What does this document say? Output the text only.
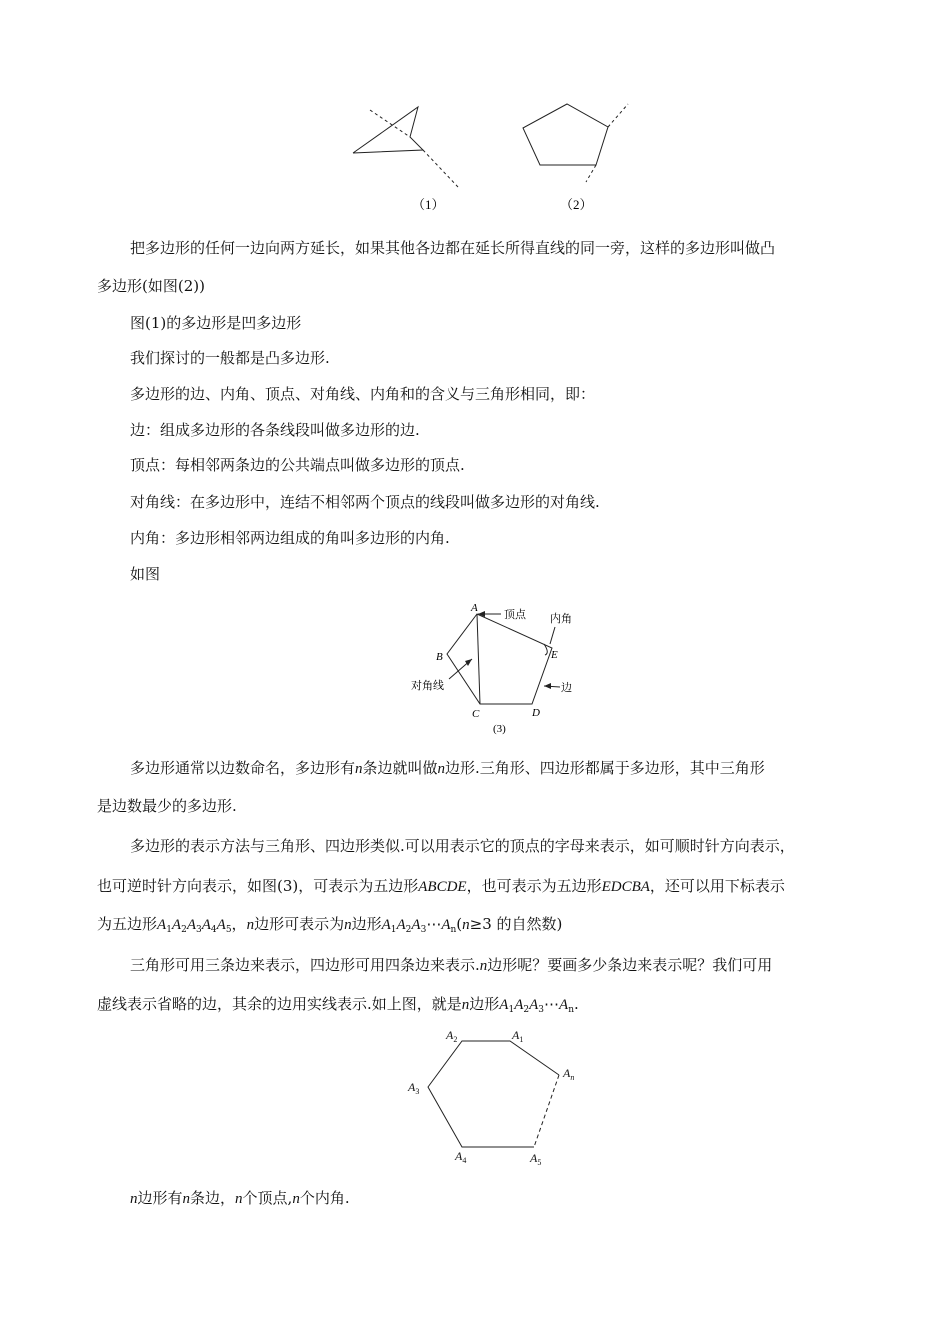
（1）	（2）
把多边形的任何一边向两方延长，如果其他各边都在延长所得直线的同一旁，这样的多边形叫做凸
多边形(如图(2))
图(1)的多边形是凹多边形
我们探讨的一般都是凸多边形.
多边形的边、内角、顶点、对角线、内角和的含义与三角形相同，即：
边：组成多边形的各条线段叫做多边形的边.
顶点：每相邻两条边的公共端点叫做多边形的顶点.
对角线：在多边形中，连结不相邻两个顶点的线段叫做多边形的对角线.
内角：多边形相邻两边组成的角叫多边形的内角.
如图
A
B
C	D
E
顶点 内角
对角线	边
(3)
多边形通常以边数命名，多边形有n条边就叫做n边形.三角形、四边形都属于多边形，其中三角形
是边数最少的多边形.
多边形的表示方法与三角形、四边形类似.可以用表示它的顶点的字母来表示，如可顺时针方向表示，
也可逆时针方向表示，如图(3)，可表示为五边形ABCDE，也可表示为五边形EDCBA，还可以用下标表示
为五边形$A_1A_2A_3A_4A_5$，n边形可表示为n边形$A_1A_2A_3\cdots A_n(n\ge 3$ 的自然数)
三角形可用三条边来表示，四边形可用四条边来表示.n边形呢？要画多少条边来表示呢？我们可用
虚线表示省略的边，其余的边用实线表示.如上图，就是n边形$A_1A_2A_3\cdots A_n$.
$A_2$	$A_1$
$A_n$
$A_3$
$A_4$	$A_5$
n边形有n条边，n个顶点,n个内角.
